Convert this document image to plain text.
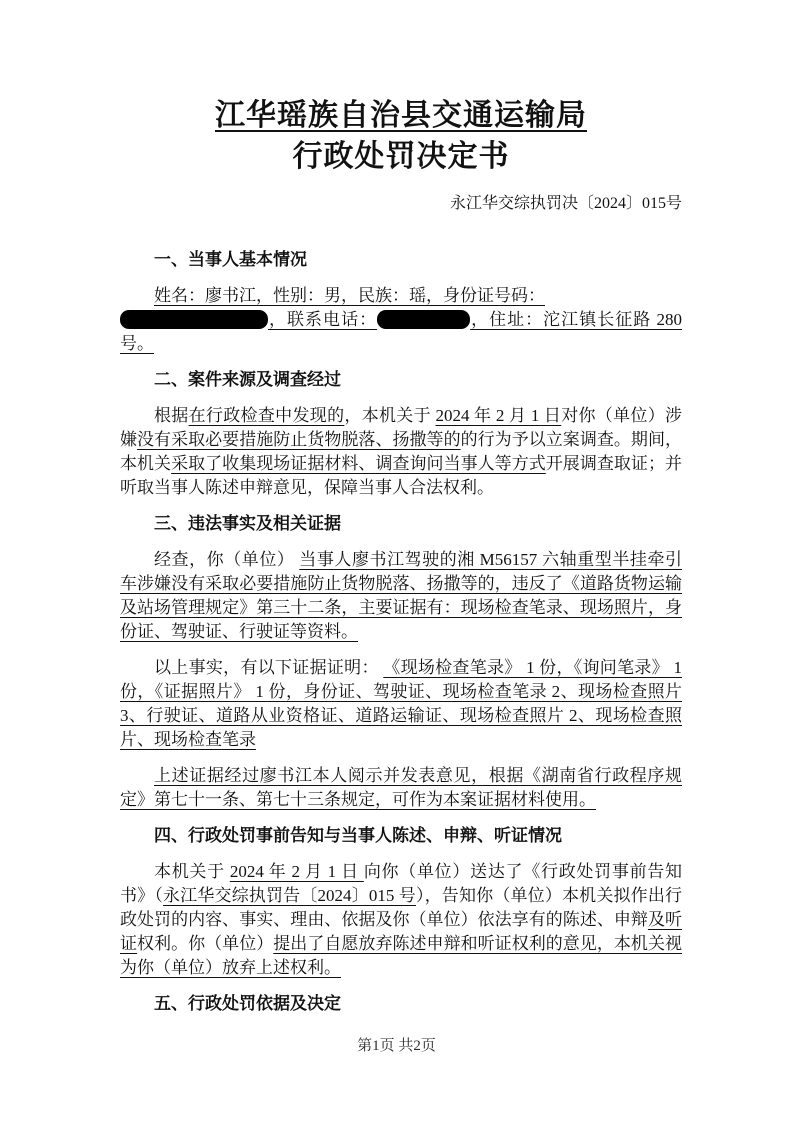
江华瑶族自治县交通运输局
行政处罚决定书
永江华交综执罚决〔2024〕015号
一、当事人基本情况
姓名：廖书江，性别：男，民族：瑶，身份证号码：
，联系电话：	，住址：沱江镇长征路 280 号。
二、案件来源及调查经过
根据在行政检查中发现的，本机关于 2024 年 2 月 1 日对你（单位）涉嫌没有采取必要措施防止货物脱落、扬撒等的的行为予以立案调查。期间，本机关采取了收集现场证据材料、调查询问当事人等方式开展调查取证；并听取当事人陈述申辩意见，保障当事人合法权利。
三、违法事实及相关证据
经查，你（单位） 当事人廖书江驾驶的湘 M56157 六轴重型半挂牵引车涉嫌没有采取必要措施防止货物脱落、扬撒等的，违反了《道路货物运输及站场管理规定》第三十二条，主要证据有：现场检查笔录、现场照片，身份证、驾驶证、行驶证等资料。
以上事实，有以下证据证明： 《现场检查笔录》 1 份，《询问笔录》 1 份，《证据照片》 1 份，身份证、驾驶证、现场检查笔录 2、现场检查照片 3、行驶证、道路从业资格证、道路运输证、现场检查照片 2、现场检查照片、现场检查笔录
上述证据经过廖书江本人阅示并发表意见，根据《湖南省行政程序规定》第七十一条、第七十三条规定，可作为本案证据材料使用。
四、行政处罚事前告知与当事人陈述、申辩、听证情况
本机关于 2024 年 2 月 1 日 向你（单位）送达了《行政处罚事前告知书》（永江华交综执罚告〔2024〕015 号），告知你（单位）本机关拟作出行政处罚的内容、事实、理由、依据及你（单位）依法享有的陈述、申辩及听证权利。你（单位）提出了自愿放弃陈述申辩和听证权利的意见，本机关视为你（单位）放弃上述权利。
五、行政处罚依据及决定
第1页 共2页
